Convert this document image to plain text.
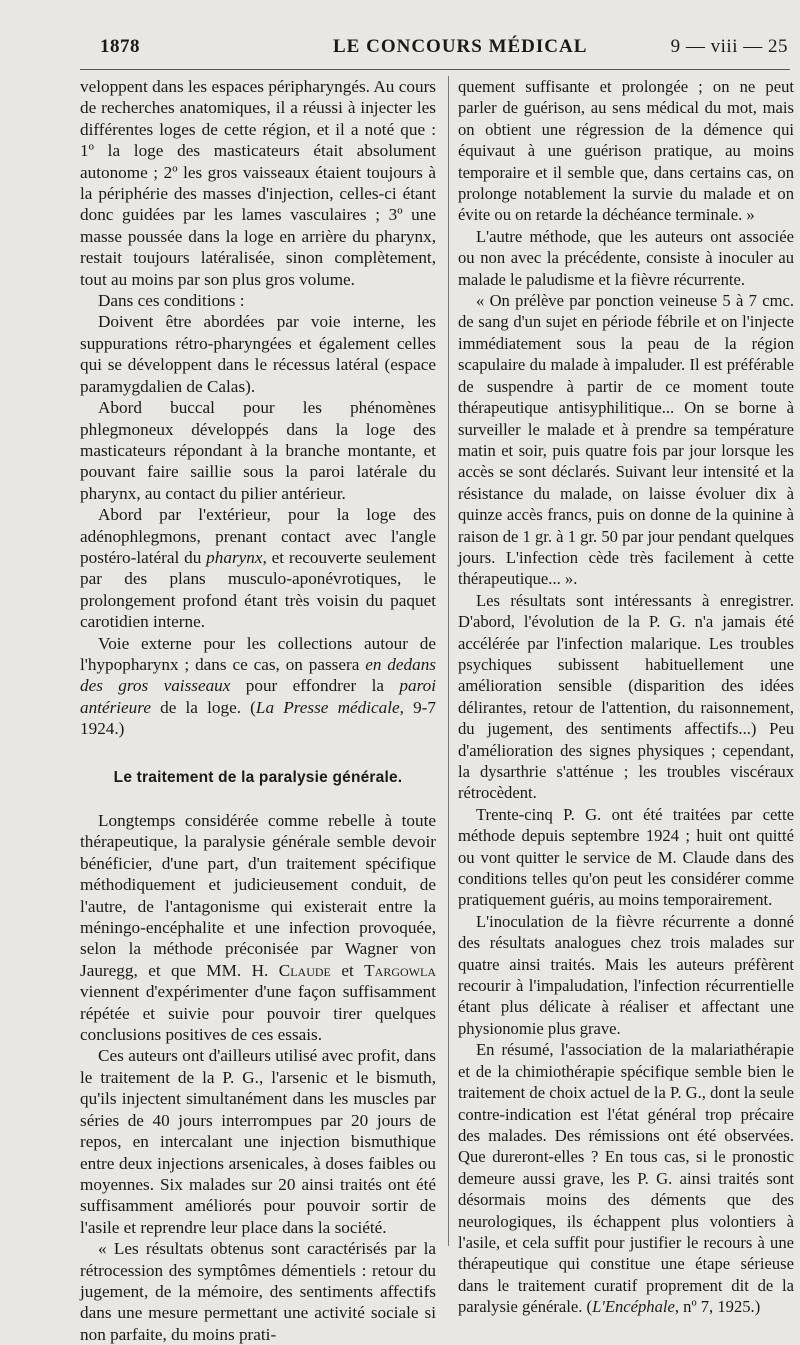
1878	LE CONCOURS MÉDICAL	9 — viii — 25

veloppent dans les espaces péripharyngés. Au cours de recherches anatomiques, il a réussi à injecter les différentes loges de cette région, et il a noté que : 1º la loge des masticateurs était absolument autonome ; 2º les gros vaisseaux étaient toujours à la périphérie des masses d'injection, celles-ci étant donc guidées par les lames vasculaires ; 3º une masse poussée dans la loge en arrière du pharynx, restait toujours latéralisée, sinon complètement, tout au moins par son plus gros volume.

Dans ces conditions :

Doivent être abordées par voie interne, les suppurations rétro-pharyngées et également celles qui se développent dans le récessus latéral (espace paramygdalien de Calas).

Abord buccal pour les phénomènes phlegmoneux développés dans la loge des masticateurs répondant à la branche montante, et pouvant faire saillie sous la paroi latérale du pharynx, au contact du pilier antérieur.

Abord par l'extérieur, pour la loge des adénophlegmons, prenant contact avec l'angle postéro-latéral du pharynx, et recouverte seulement par des plans musculo-aponévrotiques, le prolongement profond étant très voisin du paquet carotidien interne.

Voie externe pour les collections autour de l'hypopharynx ; dans ce cas, on passera en dedans des gros vaisseaux pour effondrer la paroi antérieure de la loge. (La Presse médicale, 9-7 1924.)

Le traitement de la paralysie générale.

Longtemps considérée comme rebelle à toute thérapeutique, la paralysie générale semble devoir bénéficier, d'une part, d'un traitement spécifique méthodiquement et judicieusement conduit, de l'autre, de l'antagonisme qui existerait entre la méningo-encéphalite et une infection provoquée, selon la méthode préconisée par Wagner von Jauregg, et que MM. H. Claude et Targowla viennent d'expérimenter d'une façon suffisamment répétée et suivie pour pouvoir tirer quelques conclusions positives de ces essais.

Ces auteurs ont d'ailleurs utilisé avec profit, dans le traitement de la P. G., l'arsenic et le bismuth, qu'ils injectent simultanément dans les muscles par séries de 40 jours interrompues par 20 jours de repos, en intercalant une injection bismuthique entre deux injections arsenicales, à doses faibles ou moyennes. Six malades sur 20 ainsi traités ont été suffisamment améliorés pour pouvoir sortir de l'asile et reprendre leur place dans la société.

« Les résultats obtenus sont caractérisés par la rétrocession des symptômes démentiels : retour du jugement, de la mémoire, des sentiments affectifs dans une mesure permettant une activité sociale si non parfaite, du moins prati-

quement suffisante et prolongée ; on ne peut parler de guérison, au sens médical du mot, mais on obtient une régression de la démence qui équivaut à une guérison pratique, au moins temporaire et il semble que, dans certains cas, on prolonge notablement la survie du malade et on évite ou on retarde la déchéance terminale. »

L'autre méthode, que les auteurs ont associée ou non avec la précédente, consiste à inoculer au malade le paludisme et la fièvre récurrente.

« On prélève par ponction veineuse 5 à 7 cmc. de sang d'un sujet en période fébrile et on l'injecte immédiatement sous la peau de la région scapulaire du malade à impaluder. Il est préférable de suspendre à partir de ce moment toute thérapeutique antisyphilitique... On se borne à surveiller le malade et à prendre sa température matin et soir, puis quatre fois par jour lorsque les accès se sont déclarés. Suivant leur intensité et la résistance du malade, on laisse évoluer dix à quinze accès francs, puis on donne de la quinine à raison de 1 gr. à 1 gr. 50 par jour pendant quelques jours. L'infection cède très facilement à cette thérapeutique... ».

Les résultats sont intéressants à enregistrer. D'abord, l'évolution de la P. G. n'a jamais été accélérée par l'infection malarique. Les troubles psychiques subissent habituellement une amélioration sensible (disparition des idées délirantes, retour de l'attention, du raisonnement, du jugement, des sentiments affectifs...) Peu d'amélioration des signes physiques ; cependant, la dysarthrie s'atténue ; les troubles viscéraux rétrocèdent.

Trente-cinq P. G. ont été traitées par cette méthode depuis septembre 1924 ; huit ont quitté ou vont quitter le service de M. Claude dans des conditions telles qu'on peut les considérer comme pratiquement guéris, au moins temporairement.

L'inoculation de la fièvre récurrente a donné des résultats analogues chez trois malades sur quatre ainsi traités. Mais les auteurs préfèrent recourir à l'impaludation, l'infection récurrentielle étant plus délicate à réaliser et affectant une physionomie plus grave.

En résumé, l'association de la malariathérapie et de la chimiothérapie spécifique semble bien le traitement de choix actuel de la P. G., dont la seule contre-indication est l'état général trop précaire des malades. Des rémissions ont été observées. Que dureront-elles ? En tous cas, si le pronostic demeure aussi grave, les P. G. ainsi traités sont désormais moins des déments que des neurologiques, ils échappent plus volontiers à l'asile, et cela suffit pour justifier le recours à une thérapeutique qui constitue une étape sérieuse dans le traitement curatif proprement dit de la paralysie générale. (L'Encéphale, nº 7, 1925.)
